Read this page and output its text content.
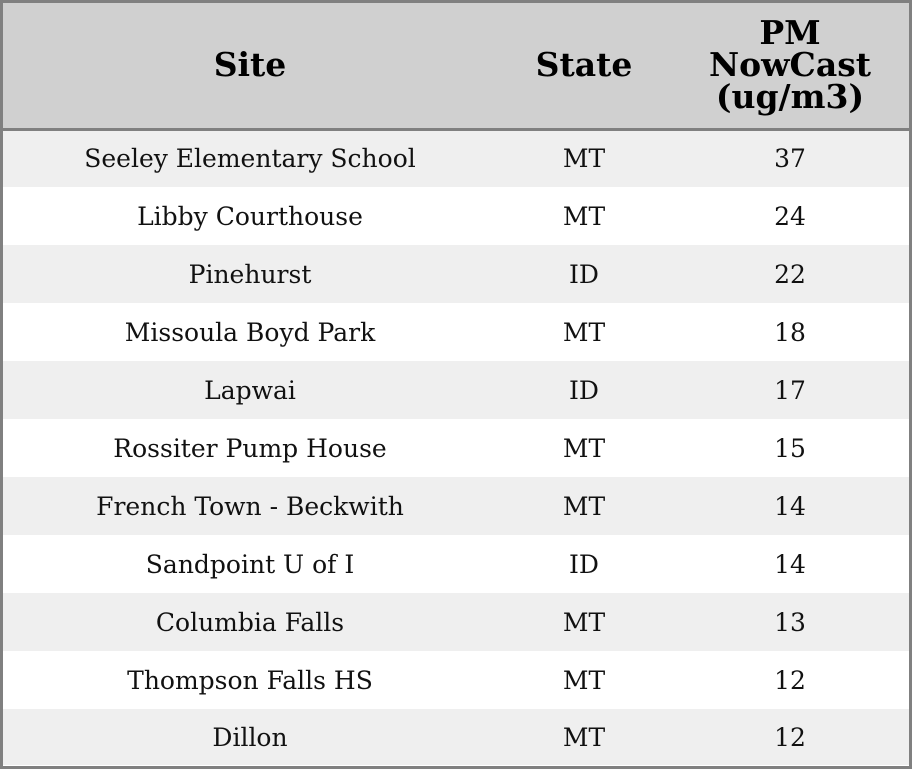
Site	State	PM
NowCast
(ug/m3)

Seeley Elementary School	MT	37
Libby Courthouse	MT	24
Pinehurst	ID	22
Missoula Boyd Park	MT	18
Lapwai	ID	17
Rossiter Pump House	MT	15
French Town - Beckwith	MT	14
Sandpoint U of I	ID	14
Columbia Falls	MT	13
Thompson Falls HS	MT	12
Dillon	MT	12
